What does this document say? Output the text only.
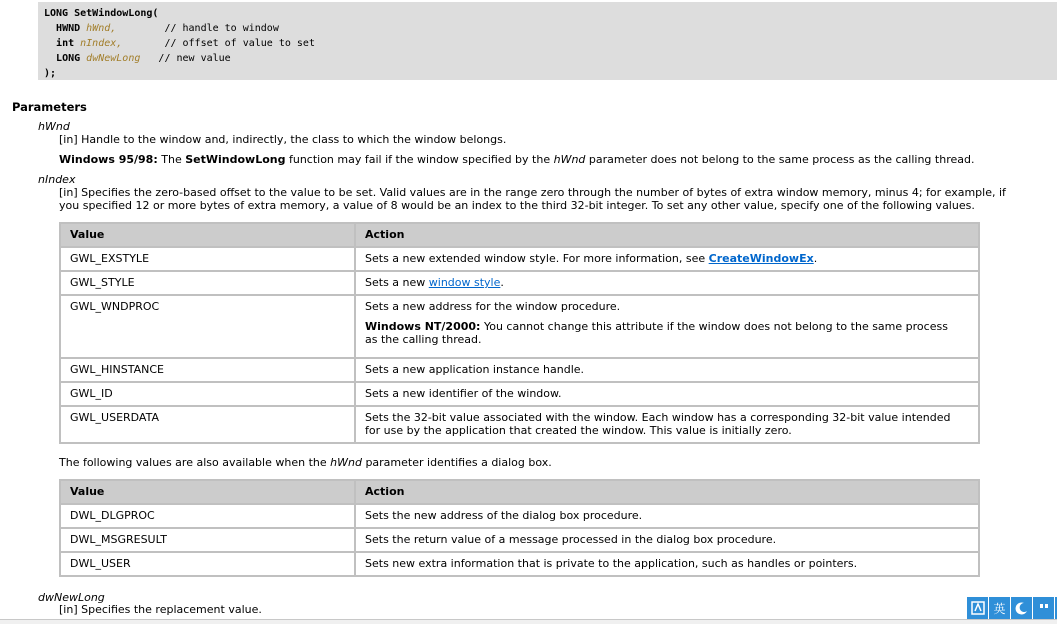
LONG SetWindowLong(
HWND hWnd,	// handle to window
int nIndex,	// offset of value to set
LONG dwNewLong // new value
);
Parameters
hWnd
[in] Handle to the window and, indirectly, the class to which the window belongs.
Windows 95/98: The SetWindowLong function may fail if the window specified by the hWnd parameter does not belong to the same process as the calling thread.
nIndex
[in] Specifies the zero-based offset to the value to be set. Valid values are in the range zero through the number of bytes of extra window memory, minus 4; for example, if
you specified 12 or more bytes of extra memory, a value of 8 would be an index to the third 32-bit integer. To set any other value, specify one of the following values.
Value	Action
GWL_EXSTYLE	Sets a new extended window style. For more information, see CreateWindowEx.
GWL_STYLE	Sets a new window style.
GWL_WNDPROC	Sets a new address for the window procedure.

Windows NT/2000: You cannot change this attribute if the window does not belong to the same process
as the calling thread.

GWL_HINSTANCE	Sets a new application instance handle.
GWL_ID	Sets a new identifier of the window.
GWL_USERDATA	Sets the 32-bit value associated with the window. Each window has a corresponding 32-bit value intended
for use by the application that created the window. This value is initially zero.
The following values are also available when the hWnd parameter identifies a dialog box.
Value	Action
DWL_DLGPROC	Sets the new address of the dialog box procedure.
DWL_MSGRESULT	Sets the return value of a message processed in the dialog box procedure.
DWL_USER	Sets new extra information that is private to the application, such as handles or pointers.
dwNewLong
[in] Specifies the replacement value.	英
